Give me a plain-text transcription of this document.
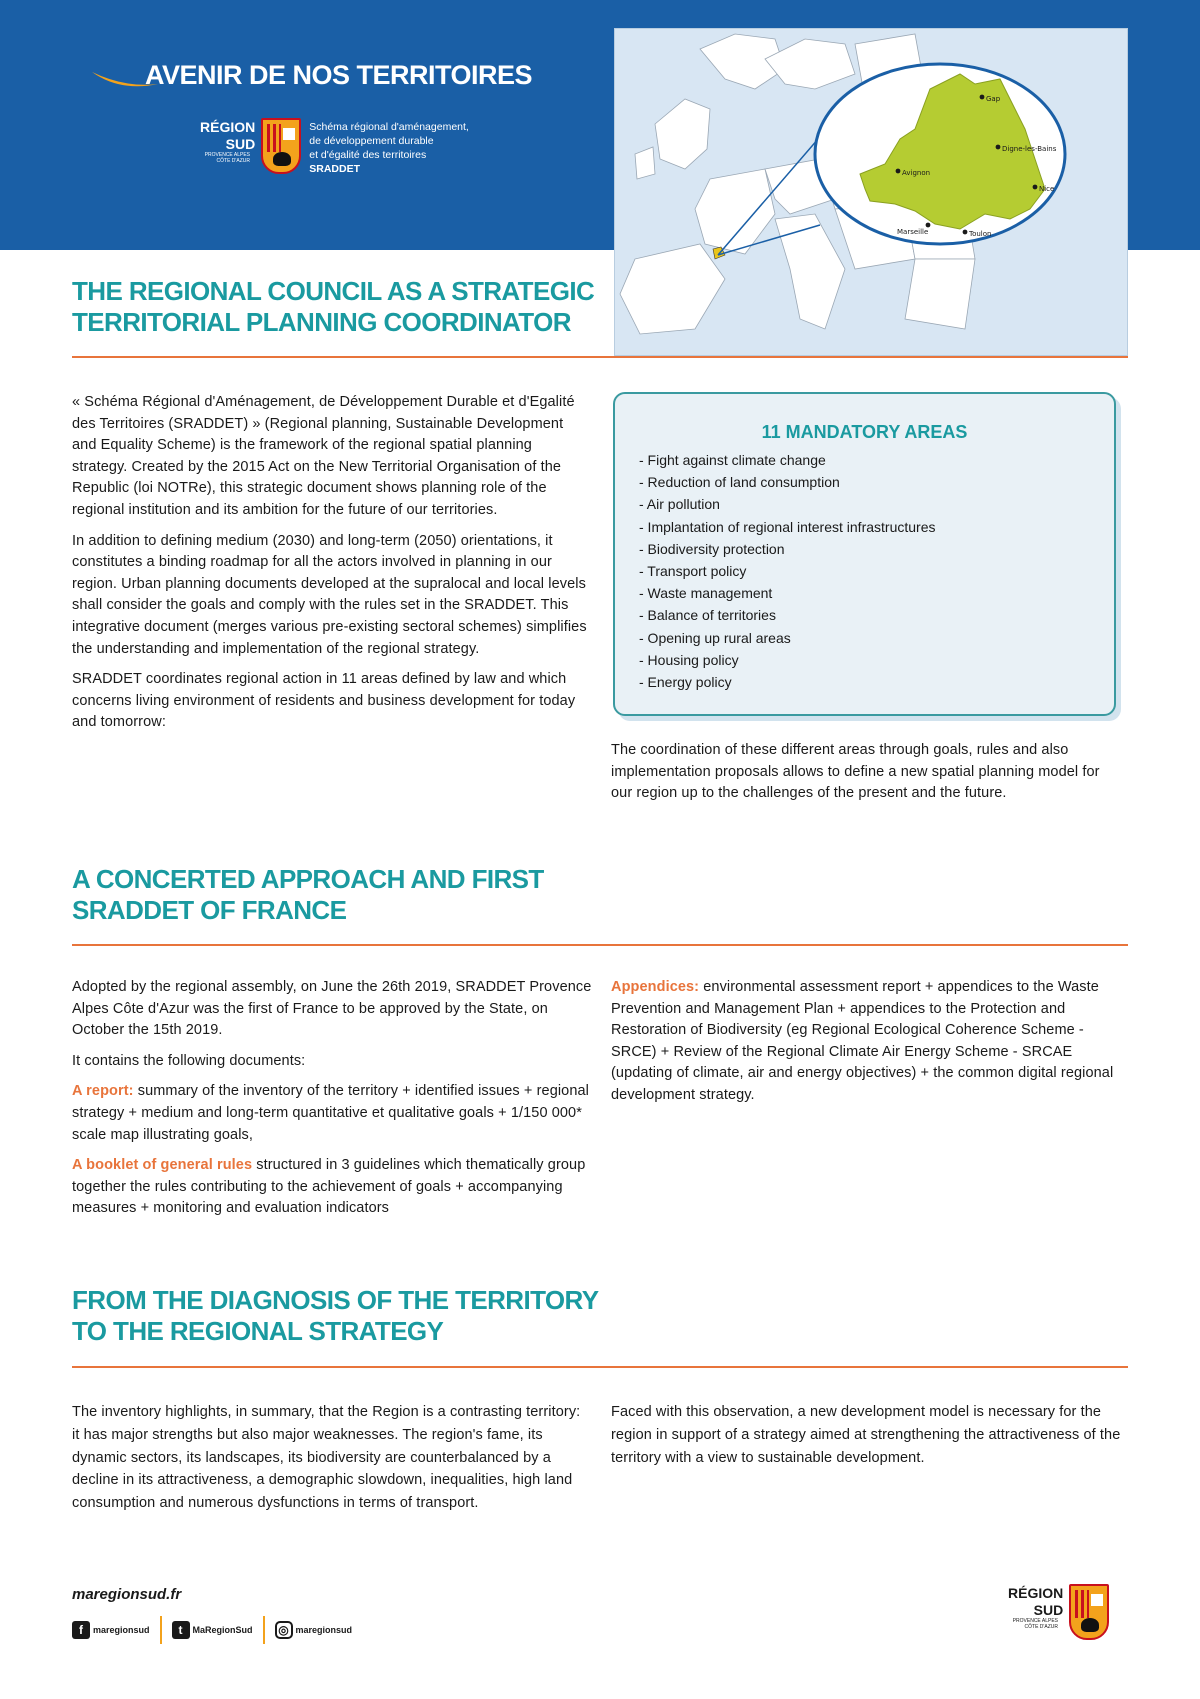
AVENIR DE NOS TERRITOIRES
RÉGION
SUD
PROVENCE ALPES CÔTE D'AZUR
Schéma régional d'aménagement,
de développement durable
et d'égalité des territoires
SRADDET
Gap
Digne-les-Bains
Avignon
Nice
Marseille	Toulon
THE REGIONAL COUNCIL AS A STRATEGIC
TERRITORIAL PLANNING COORDINATOR

« Schéma Régional d'Aménagement, de Développement Durable et d'Egalité des Territoires (SRADDET) » (Regional planning, Sustainable Development and Equality Scheme) is the framework of the regional spatial planning strategy. Created by the 2015 Act on the New Territorial Organisation of the Republic (loi NOTRe), this strategic document shows planning role of the regional institution and its ambition for the future of our territories.

In addition to defining medium (2030) and long-term (2050) orientations, it constitutes a binding roadmap for all the actors involved in planning in our region. Urban planning documents developed at the supralocal and local levels shall consider the goals and comply with the rules set in the SRADDET. This integrative document (merges various pre-existing sectoral schemes) simplifies the understanding and implementation of the regional strategy.

SRADDET coordinates regional action in 11 areas defined by law and which concerns living environment of residents and business development for today and tomorrow:

11 MANDATORY AREAS
- Fight against climate change
- Reduction of land consumption
- Air pollution
- Implantation of regional interest infrastructures
- Biodiversity protection
- Transport policy
- Waste management
- Balance of territories
- Opening up rural areas
- Housing policy
- Energy policy

The coordination of these different areas through goals, rules and also implementation proposals allows to define a new spatial planning model for our region up to the challenges of the present and the future.

A CONCERTED APPROACH AND FIRST
SRADDET OF FRANCE

Adopted by the regional assembly, on June the 26th 2019, SRADDET Provence Alpes Côte d'Azur was the first of France to be approved by the State, on October the 15th 2019.

It contains the following documents:

A report: summary of the inventory of the territory + identified issues + regional strategy + medium and long-term quantitative et qualitative goals + 1/150 000* scale map illustrating goals,

A booklet of general rules structured in 3 guidelines which thematically group together the rules contributing to the achievement of goals + accompanying measures + monitoring and evaluation indicators

Appendices: environmental assessment report + appendices to the Waste Prevention and Management Plan + appendices to the Protection and Restoration of Biodiversity (eg Regional Ecological Coherence Scheme - SRCE) + Review of the Regional Climate Air Energy Scheme - SRCAE (updating of climate, air and energy objectives) + the common digital regional development strategy.

FROM THE DIAGNOSIS OF THE TERRITORY
TO THE REGIONAL STRATEGY

The inventory highlights, in summary, that the Region is a contrasting territory: it has major strengths but also major weaknesses. The region's fame, its dynamic sectors, its landscapes, its biodiversity are counterbalanced by a decline in its attractiveness, a demographic slowdown, inequalities, high land consumption and numerous dysfunctions in terms of transport.

Faced with this observation, a new development model is necessary for the region in support of a strategy aimed at strengthening the attractiveness of the territory with a view to sustainable development.

maregionsud.fr
f	maregionsud	t	MaRegionSud	◎ maregionsud
RÉGION
SUD
PROVENCE ALPES CÔTE D'AZUR
